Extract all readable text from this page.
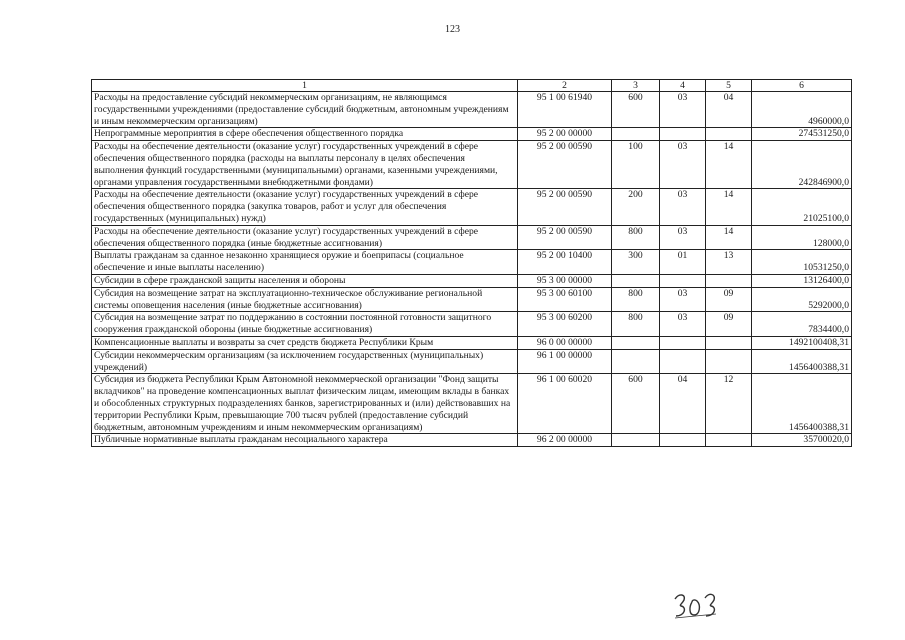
123
1	2	3	4	5	6
Расходы на предоставление субсидий некоммерческим организациям, не являющимся государственными учреждениями (предоставление субсидий бюджетным, автономным учреждениям и иным некоммерческим организациям)	95 1 00 61940	600	03	04	4960000,0
Непрограммные мероприятия в сфере обеспечения общественного порядка	95 2 00 00000				274531250,0
Расходы на обеспечение деятельности (оказание услуг) государственных учреждений в сфере обеспечения общественного порядка (расходы на выплаты персоналу в целях обеспечения выполнения функций государственными (муниципальными) органами, казенными учреждениями, органами управления государственными внебюджетными фондами)	95 2 00 00590	100	03	14	242846900,0
Расходы на обеспечение деятельности (оказание услуг) государственных учреждений в сфере обеспечения общественного порядка (закупка товаров, работ и услуг для обеспечения государственных (муниципальных) нужд)	95 2 00 00590	200	03	14	21025100,0
Расходы на обеспечение деятельности (оказание услуг) государственных учреждений в сфере обеспечения общественного порядка (иные бюджетные ассигнования)	95 2 00 00590	800	03	14	128000,0
Выплаты гражданам за сданное незаконно хранящиеся оружие и боеприпасы (социальное обеспечение и иные выплаты населению)	95 2 00 10400	300	01	13	10531250,0
Субсидии в сфере гражданской защиты населения и обороны	95 3 00 00000				13126400,0
Субсидия на возмещение затрат на эксплуатационно-техническое обслуживание региональной системы оповещения населения (иные бюджетные ассигнования)	95 3 00 60100	800	03	09	5292000,0
Субсидия на возмещение затрат по поддержанию в состоянии постоянной готовности защитного сооружения гражданской обороны (иные бюджетные ассигнования)	95 3 00 60200	800	03	09	7834400,0
Компенсационные выплаты и возвраты за счет средств бюджета Республики Крым	96 0 00 00000				1492100408,31
Субсидии некоммерческим организациям (за исключением государственных (муниципальных) учреждений)	96 1 00 00000				1456400388,31
Субсидия из бюджета Республики Крым Автономной некоммерческой организации "Фонд защиты вкладчиков" на проведение компенсационных выплат физическим лицам, имеющим вклады в банках и обособленных структурных подразделениях банков, зарегистрированных и (или) действовавших на территории Республики Крым, превышающие 700 тысяч рублей (предоставление субсидий бюджетным, автономным учреждениям и иным некоммерческим организациям)	96 1 00 60020	600	04	12	1456400388,31
Публичные нормативные выплаты гражданам несоциального характера	96 2 00 00000				35700020,0
